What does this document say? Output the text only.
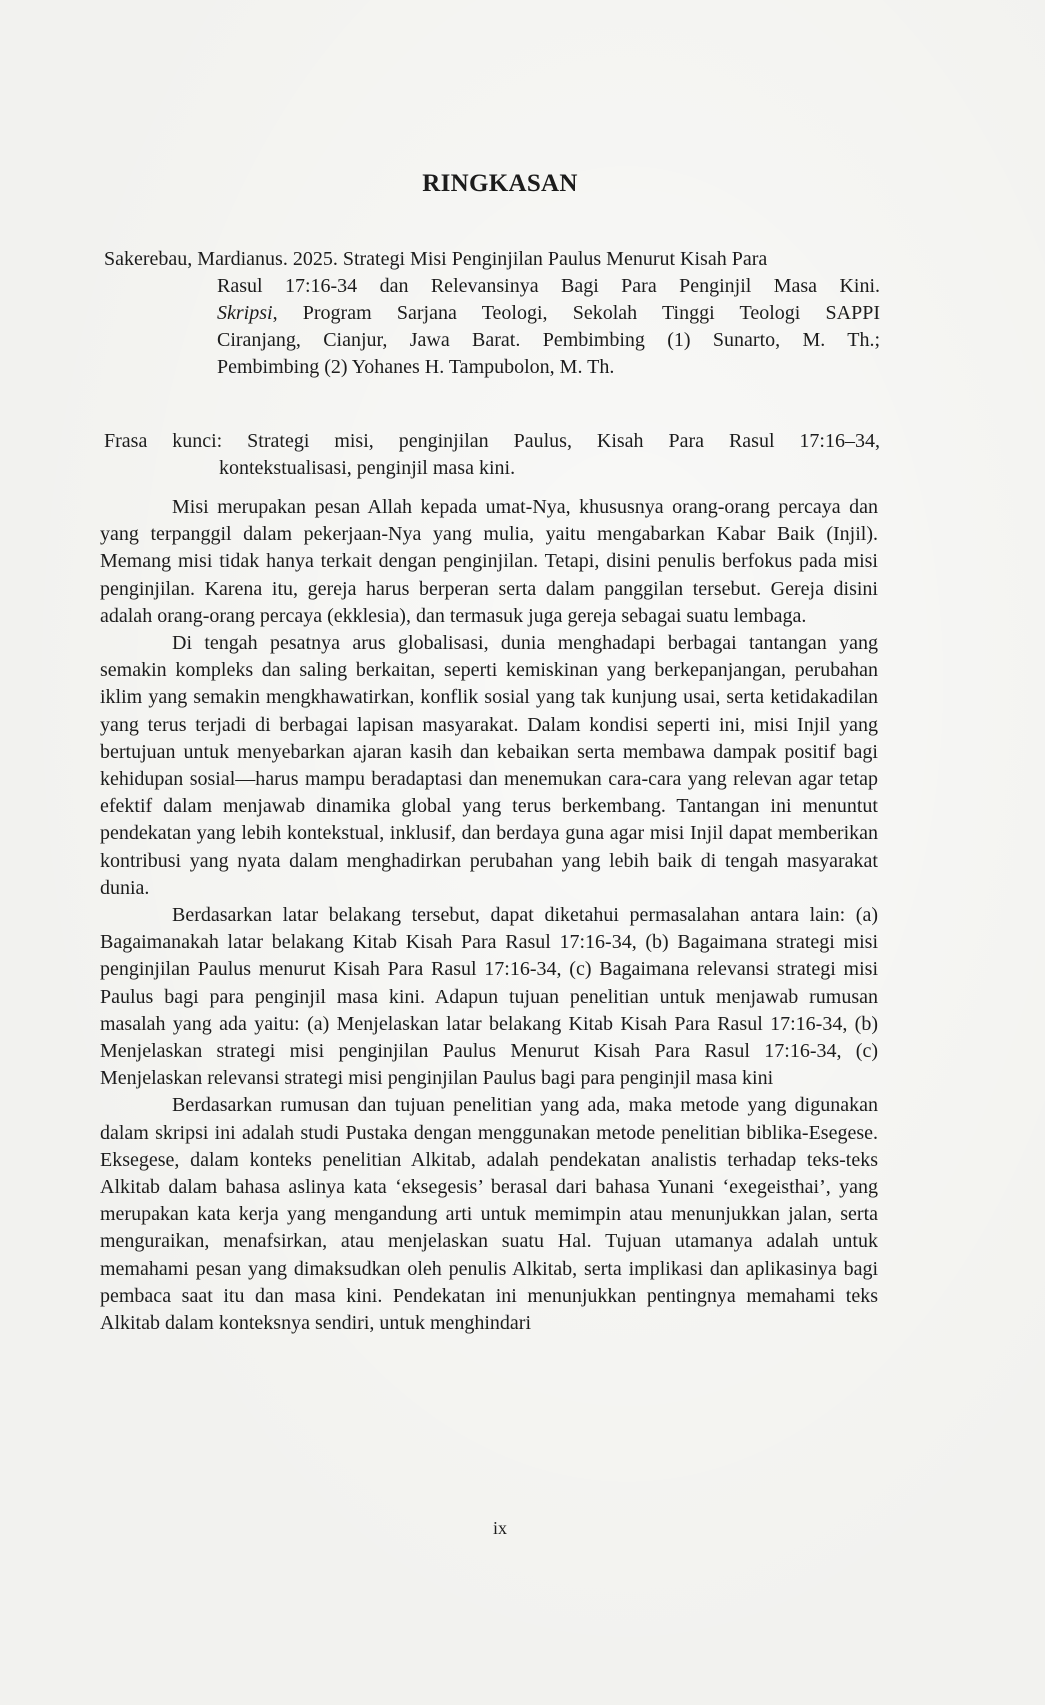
RINGKASAN
Sakerebau, Mardianus. 2025. Strategi Misi Penginjilan Paulus Menurut Kisah Para
Rasul 17:16-34 dan Relevansinya Bagi Para Penginjil Masa Kini.
Skripsi, Program Sarjana Teologi, Sekolah Tinggi Teologi SAPPI
Ciranjang, Cianjur, Jawa Barat. Pembimbing (1) Sunarto, M. Th.;
Pembimbing (2) Yohanes H. Tampubolon, M. Th.
Frasa kunci: Strategi misi, penginjilan Paulus, Kisah Para Rasul 17:16–34,
kontekstualisasi, penginjil masa kini.

Misi merupakan pesan Allah kepada umat-Nya, khususnya orang-orang percaya dan yang terpanggil dalam pekerjaan-Nya yang mulia, yaitu mengabarkan Kabar Baik (Injil). Memang misi tidak hanya terkait dengan penginjilan. Tetapi, disini penulis berfokus pada misi penginjilan. Karena itu, gereja harus berperan serta dalam panggilan tersebut. Gereja disini adalah orang-orang percaya (ekklesia), dan termasuk juga gereja sebagai suatu lembaga.

Di tengah pesatnya arus globalisasi, dunia menghadapi berbagai tantangan yang semakin kompleks dan saling berkaitan, seperti kemiskinan yang berkepanjangan, perubahan iklim yang semakin mengkhawatirkan, konflik sosial yang tak kunjung usai, serta ketidakadilan yang terus terjadi di berbagai lapisan masyarakat. Dalam kondisi seperti ini, misi Injil yang bertujuan untuk menyebarkan ajaran kasih dan kebaikan serta membawa dampak positif bagi kehidupan sosial—harus mampu beradaptasi dan menemukan cara-cara yang relevan agar tetap efektif dalam menjawab dinamika global yang terus berkembang. Tantangan ini menuntut pendekatan yang lebih kontekstual, inklusif, dan berdaya guna agar misi Injil dapat memberikan kontribusi yang nyata dalam menghadirkan perubahan yang lebih baik di tengah masyarakat dunia.

Berdasarkan latar belakang tersebut, dapat diketahui permasalahan antara lain: (a) Bagaimanakah latar belakang Kitab Kisah Para Rasul 17:16-34, (b) Bagaimana strategi misi penginjilan Paulus menurut Kisah Para Rasul 17:16-34, (c) Bagaimana relevansi strategi misi Paulus bagi para penginjil masa kini. Adapun tujuan penelitian untuk menjawab rumusan masalah yang ada yaitu: (a) Menjelaskan latar belakang Kitab Kisah Para Rasul 17:16-34, (b) Menjelaskan strategi misi penginjilan Paulus Menurut Kisah Para Rasul 17:16-34, (c) Menjelaskan relevansi strategi misi penginjilan Paulus bagi para penginjil masa kini

Berdasarkan rumusan dan tujuan penelitian yang ada, maka metode yang digunakan dalam skripsi ini adalah studi Pustaka dengan menggunakan metode penelitian biblika-Esegese. Eksegese, dalam konteks penelitian Alkitab, adalah pendekatan analistis terhadap teks-teks Alkitab dalam bahasa aslinya kata ‘eksegesis’ berasal dari bahasa Yunani ‘exegeisthai’, yang merupakan kata kerja yang mengandung arti untuk memimpin atau menunjukkan jalan, serta menguraikan, menafsirkan, atau menjelaskan suatu Hal. Tujuan utamanya adalah untuk memahami pesan yang dimaksudkan oleh penulis Alkitab, serta implikasi dan aplikasinya bagi pembaca saat itu dan masa kini. Pendekatan ini menunjukkan pentingnya memahami teks Alkitab dalam konteksnya sendiri, untuk menghindari

ix
